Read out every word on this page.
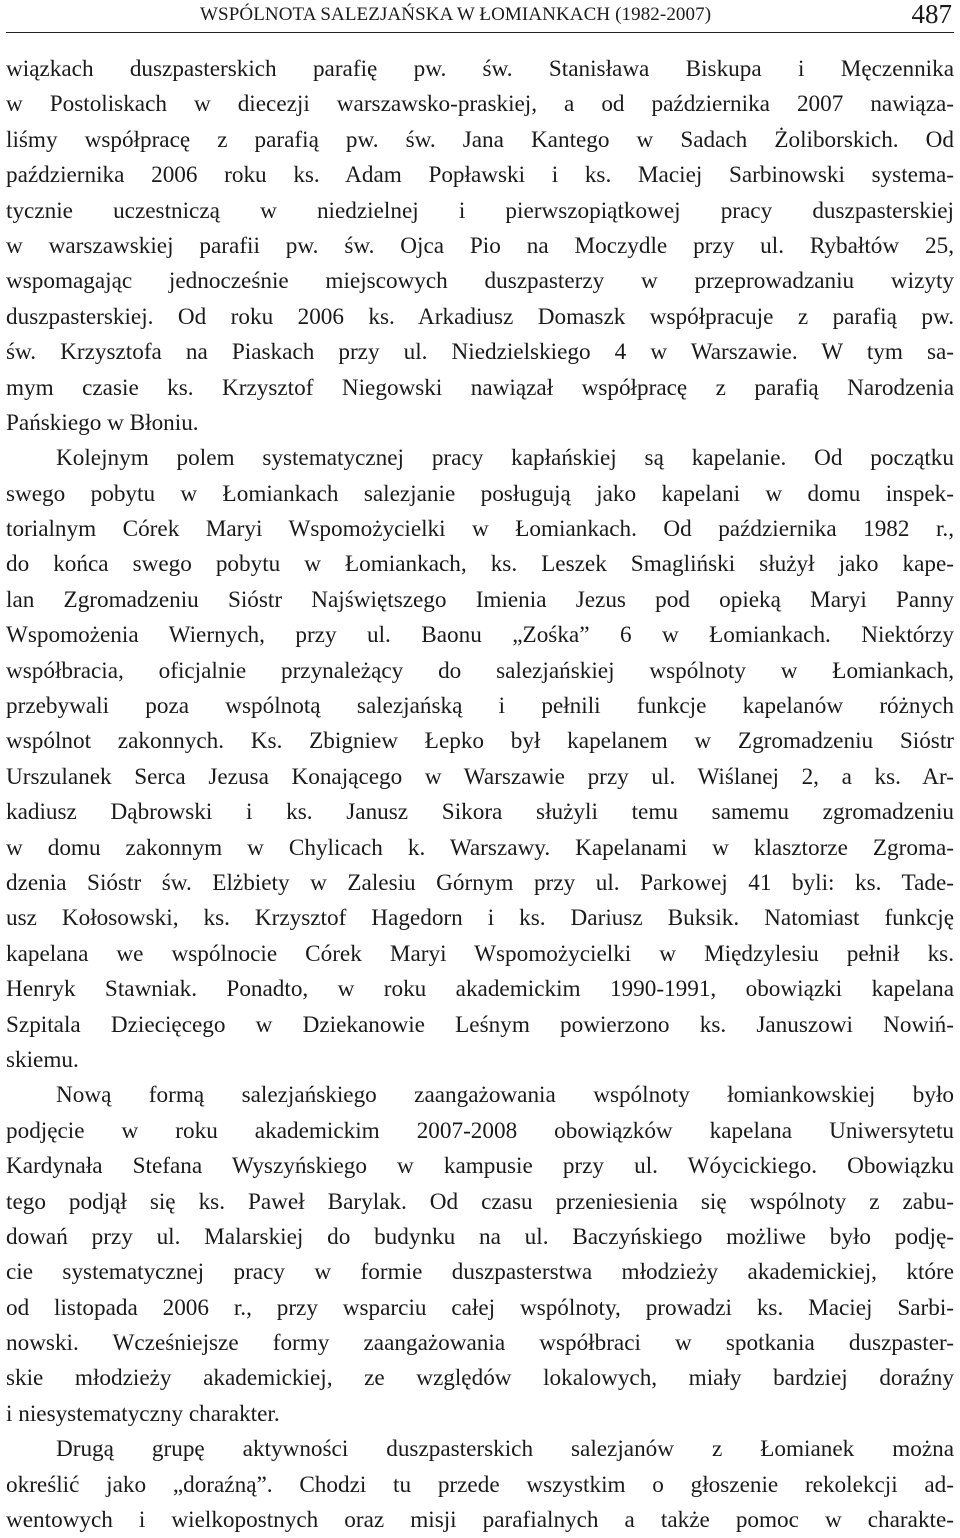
WSPÓLNOTA SALEZJAŃSKA W ŁOMIANKACH (1982-2007)	487
wiązkach duszpasterskich parafię pw. św. Stanisława Biskupa i Męczennika
w Postoliskach w diecezji warszawsko-praskiej, a od października 2007 nawiąza-
liśmy współpracę z parafią pw. św. Jana Kantego w Sadach Żoliborskich. Od
października 2006 roku ks. Adam Popławski i ks. Maciej Sarbinowski systema-
tycznie uczestniczą w niedzielnej i pierwszopiątkowej pracy duszpasterskiej
w warszawskiej parafii pw. św. Ojca Pio na Moczydle przy ul. Rybałtów 25,
wspomagając jednocześnie miejscowych duszpasterzy w przeprowadzaniu wizyty
duszpasterskiej. Od roku 2006 ks. Arkadiusz Domaszk współpracuje z parafią pw.
św. Krzysztofa na Piaskach przy ul. Niedzielskiego 4 w Warszawie. W tym sa-
mym czasie ks. Krzysztof Niegowski nawiązał współpracę z parafią Narodzenia
Pańskiego w Błoniu.
Kolejnym polem systematycznej pracy kapłańskiej są kapelanie. Od początku
swego pobytu w Łomiankach salezjanie posługują jako kapelani w domu inspek-
torialnym Córek Maryi Wspomożycielki w Łomiankach. Od października 1982 r.,
do końca swego pobytu w Łomiankach, ks. Leszek Smagliński służył jako kape-
lan Zgromadzeniu Sióstr Najświętszego Imienia Jezus pod opieką Maryi Panny
Wspomożenia Wiernych, przy ul. Baonu „Zośka” 6 w Łomiankach. Niektórzy
współbracia, oficjalnie przynależący do salezjańskiej wspólnoty w Łomiankach,
przebywali poza wspólnotą salezjańską i pełnili funkcje kapelanów różnych
wspólnot zakonnych. Ks. Zbigniew Łepko był kapelanem w Zgromadzeniu Sióstr
Urszulanek Serca Jezusa Konającego w Warszawie przy ul. Wiślanej 2, a ks. Ar-
kadiusz Dąbrowski i ks. Janusz Sikora służyli temu samemu zgromadzeniu
w domu zakonnym w Chylicach k. Warszawy. Kapelanami w klasztorze Zgroma-
dzenia Sióstr św. Elżbiety w Zalesiu Górnym przy ul. Parkowej 41 byli: ks. Tade-
usz Kołosowski, ks. Krzysztof Hagedorn i ks. Dariusz Buksik. Natomiast funkcję
kapelana we wspólnocie Córek Maryi Wspomożycielki w Międzylesiu pełnił ks.
Henryk Stawniak. Ponadto, w roku akademickim 1990-1991, obowiązki kapelana
Szpitala Dziecięcego w Dziekanowie Leśnym powierzono ks. Januszowi Nowiń-
skiemu.
Nową formą salezjańskiego zaangażowania wspólnoty łomiankowskiej było
podjęcie w roku akademickim 2007-2008 obowiązków kapelana Uniwersytetu
Kardynała Stefana Wyszyńskiego w kampusie przy ul. Wóycickiego. Obowiązku
tego podjął się ks. Paweł Barylak. Od czasu przeniesienia się wspólnoty z zabu-
dowań przy ul. Malarskiej do budynku na ul. Baczyńskiego możliwe było podję-
cie systematycznej pracy w formie duszpasterstwa młodzieży akademickiej, które
od listopada 2006 r., przy wsparciu całej wspólnoty, prowadzi ks. Maciej Sarbi-
nowski. Wcześniejsze formy zaangażowania współbraci w spotkania duszpaster-
skie młodzieży akademickiej, ze względów lokalowych, miały bardziej doraźny
i niesystematyczny charakter.
Drugą grupę aktywności duszpasterskich salezjanów z Łomianek można
określić jako „doraźną”. Chodzi tu przede wszystkim o głoszenie rekolekcji ad-
wentowych i wielkopostnych oraz misji parafialnych a także pomoc w charakte-
